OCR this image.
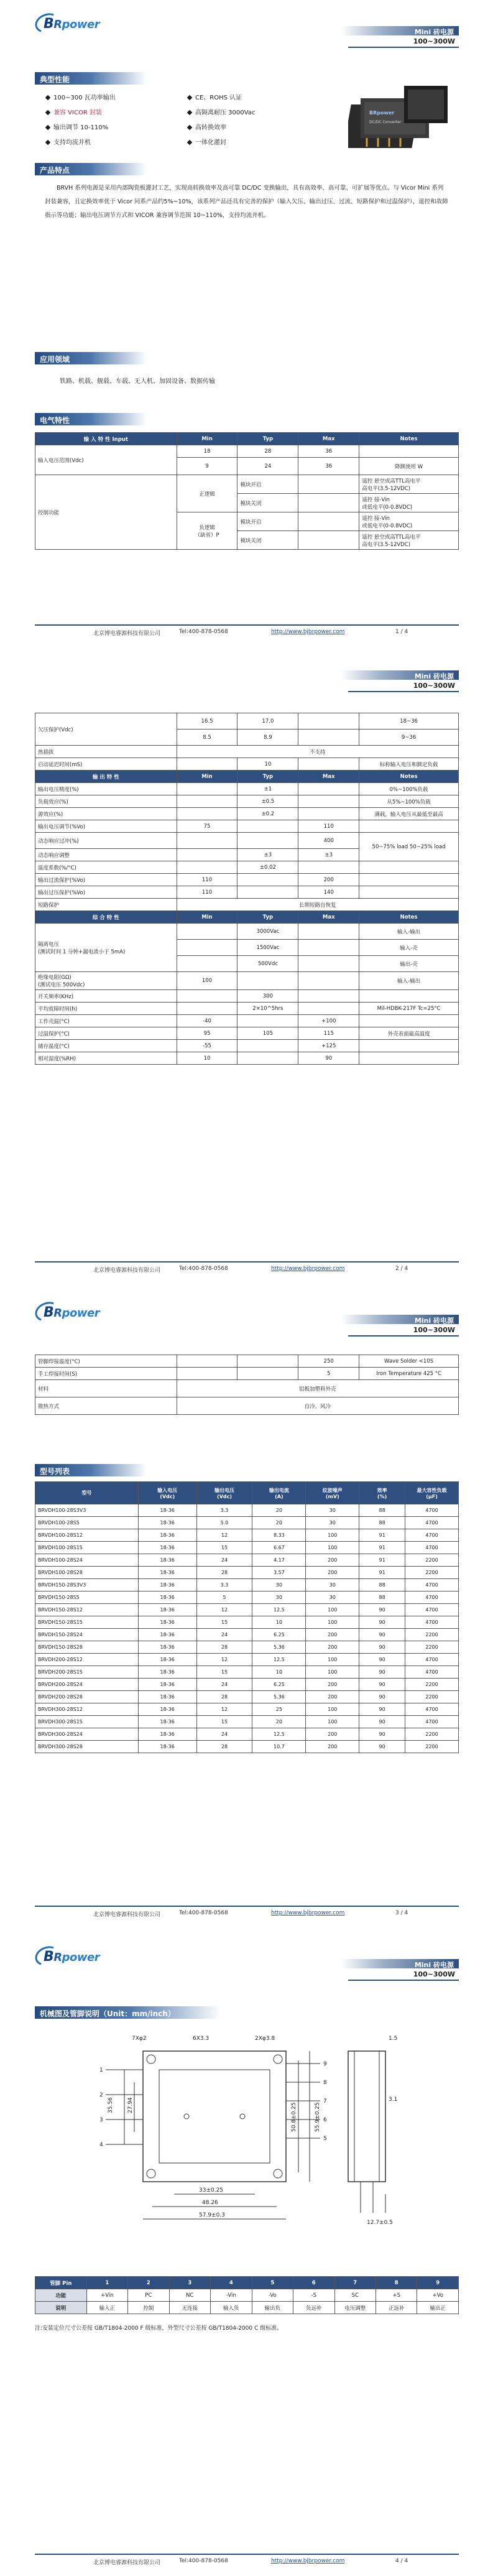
BRpower
Mini 砖电源
100~300W
典型性能
100~300 瓦功率输出
兼容 VICOR 封装
输出调节 10-110%
支持均流并机
CE、ROHS 认证
高隔离耐压 3000Vac
高转换效率
一体化灌封
BRpower
DC/DC Converter
产品特点
BRVH 系列电源是采用内部陶瓷板灌封工艺，实现高转换效率及高可靠 DC/DC 变换输出，具有高效率、高可靠、可扩展等优点。与 Vicor Mini 系列封装兼容，且定换效率优于 Vicor 同系产品约5%~10%，该系列产品还具有完善的保护（输入欠压、输出过压、过流、短路保护和过温保护），遥控和故障指示等功能；输出电压调节方式和 VICOR 兼容调节范围 10~110%，支持均流并机。
应用领域
铁路、机载、舰载、车载、无人机、加固设备、数据传输
电气特性
输 入 特 性 Input	Min	Typ	Max	Notes
输入电压范围(Vdc)	18	28	36	
	9	24	36	降额使用 W
控制功能	正逻辑	模块开启		遥控 悬空或高TTL高电平
高电平(3.5-12VDC)
		模块关闭		遥控 接-Vin
或低电平(0-0.8VDC)
	负逻辑
（缺省）P	模块开启		遥控 接-Vin
或低电平(0-0.8VDC)
		模块关闭		遥控 悬空或高TTL高电平
高电平(3.5-12VDC)
北京博电睿源科技有限公司	Tel:400-878-0568	http://www.bjbrpower.com	1 / 4
Mini 砖电源
100~300W
欠压保护(Vdc)	16.5	17.0		18~36
	8.5	8.9		9~36
热插拔	不支持			
启动延迟时间(mS)		10		标称输入电压和额定负载
输 出 特 性	Min	Typ	Max	Notes
输出电压精度(%)		±1		0%~100%负载
负载效应(%)		±0.5		从5%~100%负载
源效应(%)		±0.2		满载，输入电压从最低至最高
输出电压调节(%Vo)	75		110	
动态响应过冲(%)			400	50~75% load 50~25% load
动态响应调整		±3	±3	
温度系数(%/°C)		±0.02		
输出过流保护(%Vo)	110		200	
输出过压保护(%Vo)	110		140	
短路保护	长期短路自恢复			
综 合 特 性	Min	Typ	Max	Notes
隔离电压
(测试时间 1 分钟+漏电流小于 5mA)		3000Vac		输入-输出
		1500Vac		输入-壳
		500Vdc		输出-壳
绝缘电阻(GΩ)
(测试电压 500Vdc)	100			输入-输出
开关频率(KHz)		300		
平均故障时间(h)		2×10^5hrs		Mil-HDBK-217F Tc=25°C
工作壳温(°C)	-40		+100	
过温保护(°C)	95	105	115	外壳表面最高温度
储存温度(°C)	-55		+125	
相对湿度(%RH)	10		90	
北京博电睿源科技有限公司	Tel:400-878-0568	http://www.bjbrpower.com	2 / 4
BRpower
Mini 砖电源
100~300W
管脚焊接温度(°C)			250	Wave Solder <10S
手工焊接时间(S)			5	Iron Temperature 425 °C
材料	铝板加塑料外壳			
散热方式	自冷、风冷			
型号列表
型号	输入电压
(Vdc)	输出电压
(Vdc)	输出电流
(A)	纹波噪声
(mV)	效率
(%)	最大容性负载
(μF)
BRVDH100-28S3V3	18-36	3.3	20	30	88	4700
BRVDH100-28S5	18-36	5.0	20	30	88	4700
BRVDH100-28S12	18-36	12	8.33	100	91	4700
BRVDH100-28S15	18-36	15	6.67	100	91	4700
BRVDH100-28S24	18-36	24	4.17	200	91	2200
BRVDH100-28S28	18-36	28	3.57	200	91	2200
BRVDH150-28S3V3	18-36	3.3	30	30	88	4700
BRVDH150-28S5	18-36	5	30	30	88	4700
BRVDH150-28S12	18-36	12	12.5	100	90	4700
BRVDH150-28S15	18-36	15	10	100	90	4700
BRVDH150-28S24	18-36	24	6.25	200	90	2200
BRVDH150-28S28	18-36	28	5.36	200	90	2200
BRVDH200-28S12	18-36	12	12.5	100	90	4700
BRVDH200-28S15	18-36	15	10	100	90	4700
BRVDH200-28S24	18-36	24	6.25	200	90	2200
BRVDH200-28S28	18-36	28	5.36	200	90	2200
BRVDH300-28S12	18-36	12	25	100	90	4700
BRVDH300-28S15	18-36	15	20	100	90	4700
BRVDH300-28S24	18-36	24	12.5	200	90	2200
BRVDH300-28S28	18-36	28	10.7	200	90	2200
北京博电睿源科技有限公司	Tel:400-878-0568	http://www.bjbrpower.com	3 / 4
BRpower
Mini 砖电源
100~300W
机械图及管脚说明（Unit：mm/inch）
7Xφ2	6X3.3	2Xφ3.8
35.56 27.94	50.8±0.25	55.9±0.25
33±0.25
48.26
57.9±0.3
3.1
12.7±0.5
1.5
1
2
3
4
9
8
7
6
5
管脚 Pin	1	2	3	4	5	6	7	8	9
功能	+Vin	PC	NC	-Vin	-Vo	-S	SC	+S	+Vo
说明	输入正	控制	无连接	输入负	输出负	负远补	电压调整	正远补	输出正
注:安装定位尺寸公差按 GB/T1804-2000 F 级标准，外型尺寸公差按 GB/T1804-2000 C 级标准。
北京博电睿源科技有限公司	Tel:400-878-0568	http://www.bjbrpower.com	4 / 4
